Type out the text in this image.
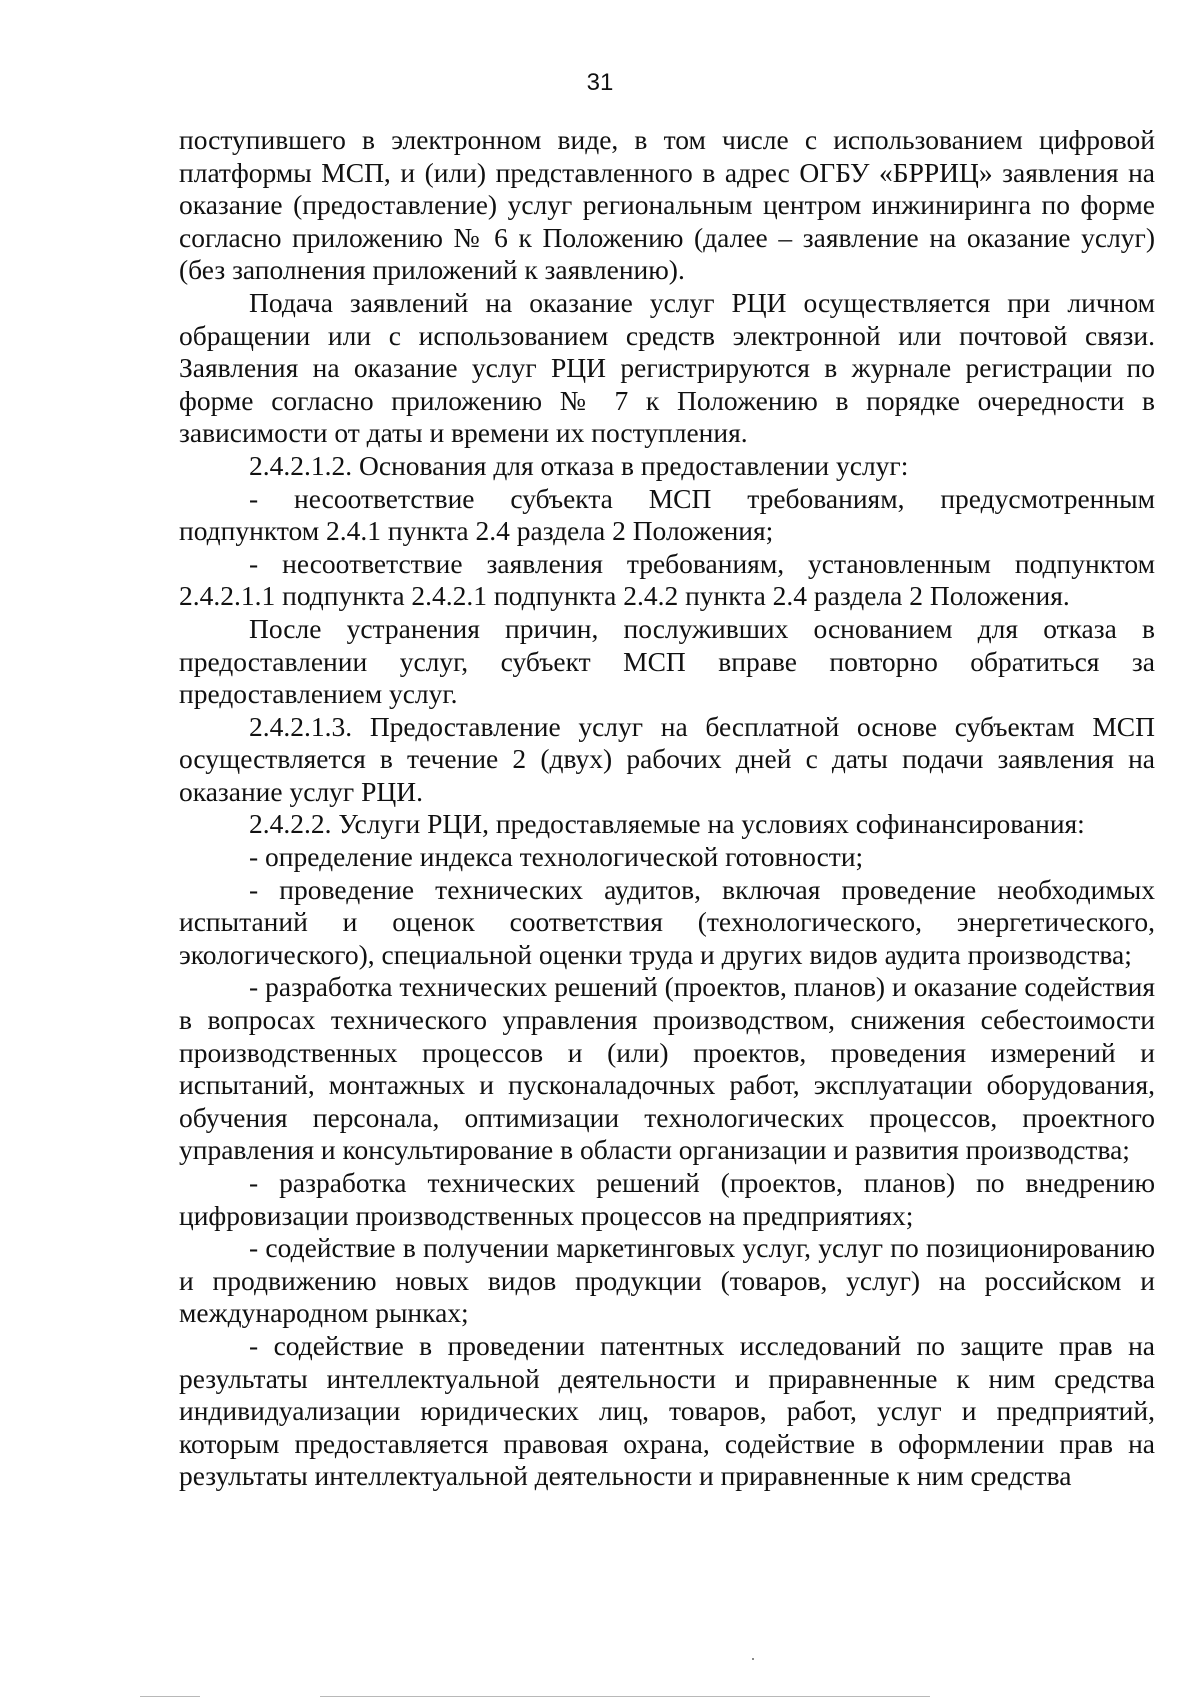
31

поступившего в электронном виде, в том числе с использованием цифровой платформы МСП, и (или) представленного в адрес ОГБУ «БРРИЦ» заявления на оказание (предоставление) услуг региональным центром инжиниринга по форме согласно приложению № 6 к Положению (далее – заявление на оказание услуг) (без заполнения приложений к заявлению).

Подача заявлений на оказание услуг РЦИ осуществляется при личном обращении или с использованием средств электронной или почтовой связи. Заявления на оказание услуг РЦИ регистрируются в журнале регистрации по форме согласно приложению № 7 к Положению в порядке очередности в зависимости от даты и времени их поступления.

2.4.2.1.2. Основания для отказа в предоставлении услуг:

- несоответствие субъекта МСП требованиям, предусмотренным подпунктом 2.4.1 пункта 2.4 раздела 2 Положения;

- несоответствие заявления требованиям, установленным подпунктом 2.4.2.1.1 подпункта 2.4.2.1 подпункта 2.4.2 пункта 2.4 раздела 2 Положения.

После устранения причин, послуживших основанием для отказа в предоставлении услуг, субъект МСП вправе повторно обратиться за предоставлением услуг.

2.4.2.1.3. Предоставление услуг на бесплатной основе субъектам МСП осуществляется в течение 2 (двух) рабочих дней с даты подачи заявления на оказание услуг РЦИ.

2.4.2.2. Услуги РЦИ, предоставляемые на условиях софинансирования:

- определение индекса технологической готовности;

- проведение технических аудитов, включая проведение необходимых испытаний и оценок соответствия (технологического, энергетического, экологического), специальной оценки труда и других видов аудита производства;

- разработка технических решений (проектов, планов) и оказание содействия в вопросах технического управления производством, снижения себестоимости производственных процессов и (или) проектов, проведения измерений и испытаний, монтажных и пусконаладочных работ, эксплуатации оборудования, обучения персонала, оптимизации технологических процессов, проектного управления и консультирование в области организации и развития производства;

- разработка технических решений (проектов, планов) по внедрению цифровизации производственных процессов на предприятиях;

- содействие в получении маркетинговых услуг, услуг по позиционированию и продвижению новых видов продукции (товаров, услуг) на российском и международном рынках;

- содействие в проведении патентных исследований по защите прав на результаты интеллектуальной деятельности и приравненные к ним средства индивидуализации юридических лиц, товаров, работ, услуг и предприятий, которым предоставляется правовая охрана, содействие в оформлении прав на результаты интеллектуальной деятельности и приравненные к ним средства
